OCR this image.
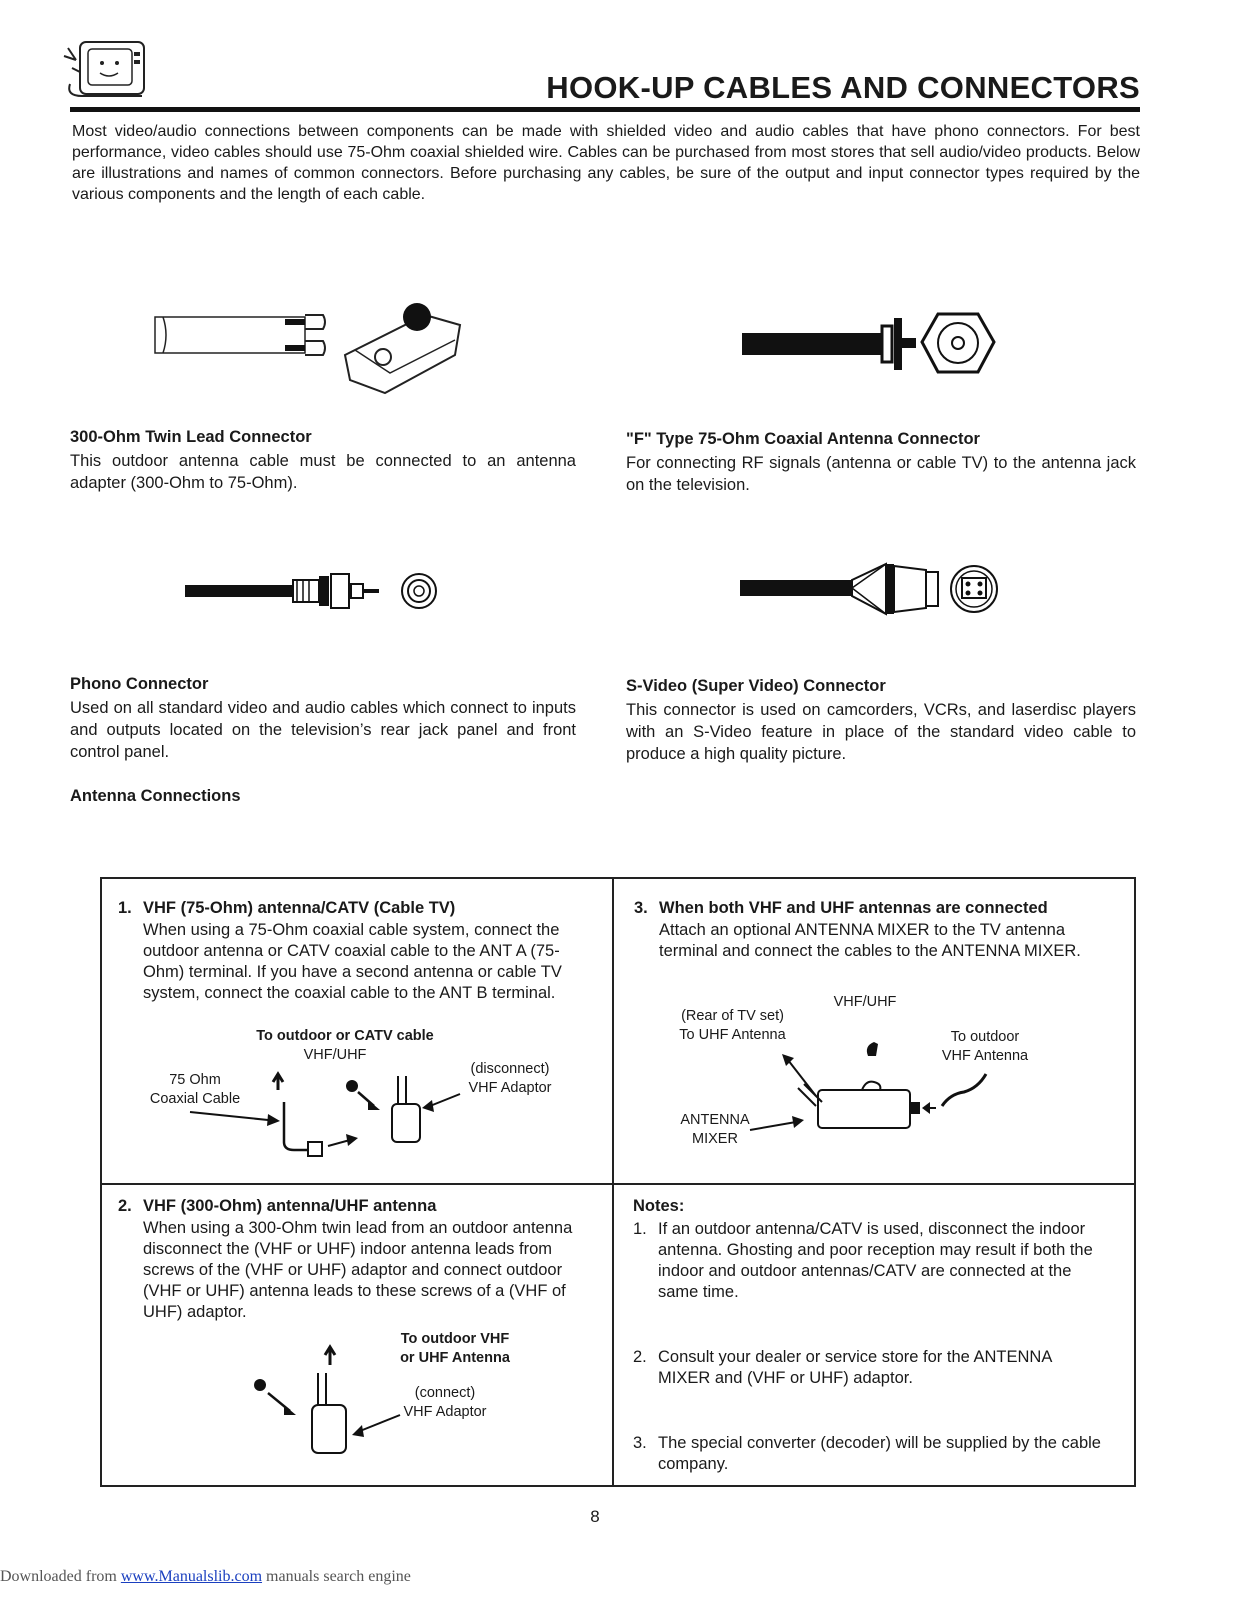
HOOK-UP CABLES AND CONNECTORS
Most video/audio connections between components can be made with shielded video and audio cables that have phono connectors. For best performance, video cables should use 75-Ohm coaxial shielded wire. Cables can be purchased from most stores that sell audio/video products. Below are illustrations and names of common connectors. Before purchasing any cables, be sure of the output and input connector types required by the various components and the length of each cable.
300-Ohm Twin Lead Connector
This outdoor antenna cable must be connected to an antenna adapter (300-Ohm to 75-Ohm).
"F" Type 75-Ohm Coaxial Antenna Connector
For connecting RF signals (antenna or cable TV) to the antenna jack on the television.
Phono Connector
Used on all standard video and audio cables which connect to inputs and outputs located on the television’s rear jack panel and front control panel.
S-Video (Super Video) Connector
This connector is used on camcorders, VCRs, and laserdisc players with an S-Video feature in place of the standard video cable to produce a high quality picture.
Antenna Connections
1. VHF (75-Ohm) antenna/CATV (Cable TV)
When using a 75-Ohm coaxial cable system, connect the outdoor antenna or CATV coaxial cable to the ANT A (75-Ohm) terminal. If you have a second antenna or cable TV system, connect the coaxial cable to the ANT B terminal.
To outdoor or CATV cable
VHF/UHF
75 Ohm
Coaxial Cable
(disconnect)
VHF Adaptor
3. When both VHF and UHF antennas are connected
Attach an optional ANTENNA MIXER to the TV antenna terminal and connect the cables to the ANTENNA MIXER.
VHF/UHF
(Rear of TV set)
To UHF Antenna	To outdoor
VHF Antenna
ANTENNA
MIXER
2. VHF (300-Ohm) antenna/UHF antenna
When using a 300-Ohm twin lead from an outdoor antenna disconnect the (VHF or UHF) indoor antenna leads from screws of the (VHF or UHF) adaptor and connect outdoor (VHF or UHF) antenna leads to these screws of a (VHF of UHF) adaptor.
To outdoor VHF
or UHF Antenna
(connect)
VHF Adaptor
Notes:
1. If an outdoor antenna/CATV is used, disconnect the indoor antenna. Ghosting and poor reception may result if both the indoor and outdoor antennas/CATV are connected at the same time.
2. Consult your dealer or service store for the ANTENNA MIXER and (VHF or UHF) adaptor.
3. The special converter (decoder) will be supplied by the cable company.
8
Downloaded from www.Manualslib.com manuals search engine
